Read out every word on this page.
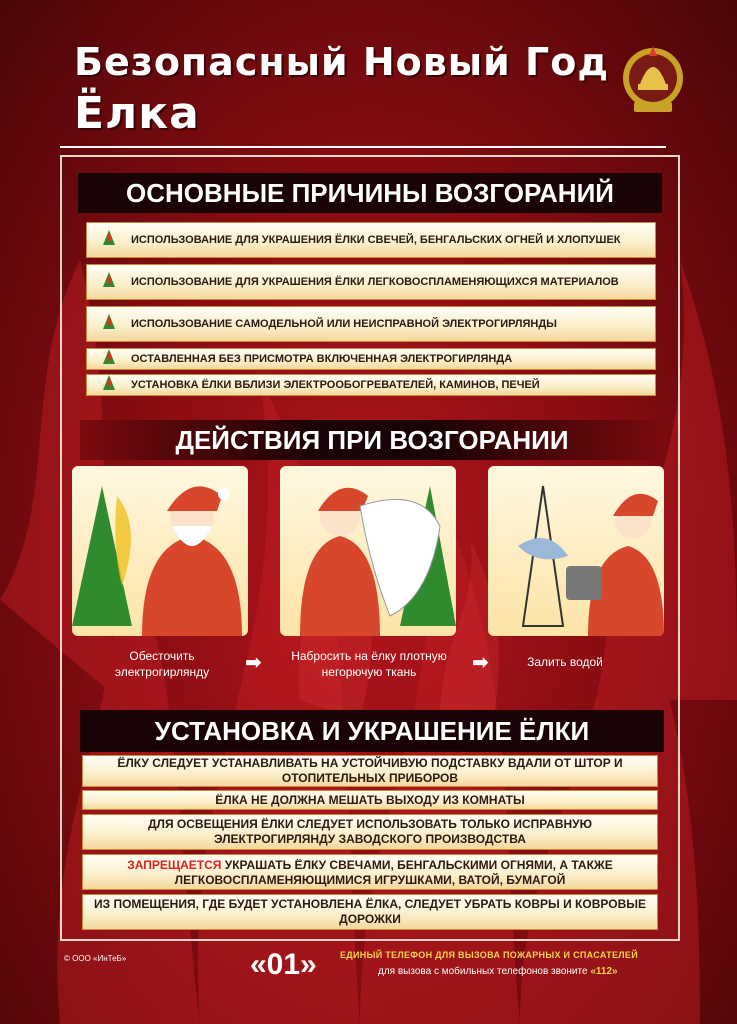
Безопасный Новый Год
Ёлка
ОСНОВНЫЕ ПРИЧИНЫ ВОЗГОРАНИЙ
ИСПОЛЬЗОВАНИЕ ДЛЯ УКРАШЕНИЯ ЁЛКИ СВЕЧЕЙ, БЕНГАЛЬСКИХ ОГНЕЙ И ХЛОПУШЕК
ИСПОЛЬЗОВАНИЕ ДЛЯ УКРАШЕНИЯ ЁЛКИ ЛЕГКОВОСПЛАМЕНЯЮЩИХСЯ МАТЕРИАЛОВ
ИСПОЛЬЗОВАНИЕ САМОДЕЛЬНОЙ ИЛИ НЕИСПРАВНОЙ ЭЛЕКТРОГИРЛЯНДЫ
ОСТАВЛЕННАЯ БЕЗ ПРИСМОТРА ВКЛЮЧЕННАЯ ЭЛЕКТРОГИРЛЯНДА
УСТАНОВКА ЁЛКИ ВБЛИЗИ ЭЛЕКТРООБОГРЕВАТЕЛЕЙ, КАМИНОВ, ПЕЧЕЙ
ДЕЙСТВИЯ ПРИ ВОЗГОРАНИИ
Обесточить электрогирлянду	➡	Набросить на ёлку плотную негорючую ткань	➡	Залить водой
УСТАНОВКА И УКРАШЕНИЕ ЁЛКИ
ЁЛКУ СЛЕДУЕТ УСТАНАВЛИВАТЬ НА УСТОЙЧИВУЮ ПОДСТАВКУ ВДАЛИ ОТ ШТОР И ОТОПИТЕЛЬНЫХ ПРИБОРОВ
ЁЛКА НЕ ДОЛЖНА МЕШАТЬ ВЫХОДУ ИЗ КОМНАТЫ
ДЛЯ ОСВЕЩЕНИЯ ЁЛКИ СЛЕДУЕТ ИСПОЛЬЗОВАТЬ ТОЛЬКО ИСПРАВНУЮ ЭЛЕКТРОГИРЛЯНДУ ЗАВОДСКОГО ПРОИЗВОДСТВА
ЗАПРЕЩАЕТСЯ УКРАШАТЬ ЁЛКУ СВЕЧАМИ, БЕНГАЛЬСКИМИ ОГНЯМИ, А ТАКЖЕ ЛЕГКОВОСПЛАМЕНЯЮЩИМИСЯ ИГРУШКАМИ, ВАТОЙ, БУМАГОЙ
ИЗ ПОМЕЩЕНИЯ, ГДЕ БУДЕТ УСТАНОВЛЕНА ЁЛКА, СЛЕДУЕТ УБРАТЬ КОВРЫ И КОВРОВЫЕ ДОРОЖКИ
© ООО «ИнТеБ»	«01»	ЕДИНЫЙ ТЕЛЕФОН ДЛЯ ВЫЗОВА ПОЖАРНЫХ И СПАСАТЕЛЕЙ
для вызова с мобильных телефонов звоните «112»
